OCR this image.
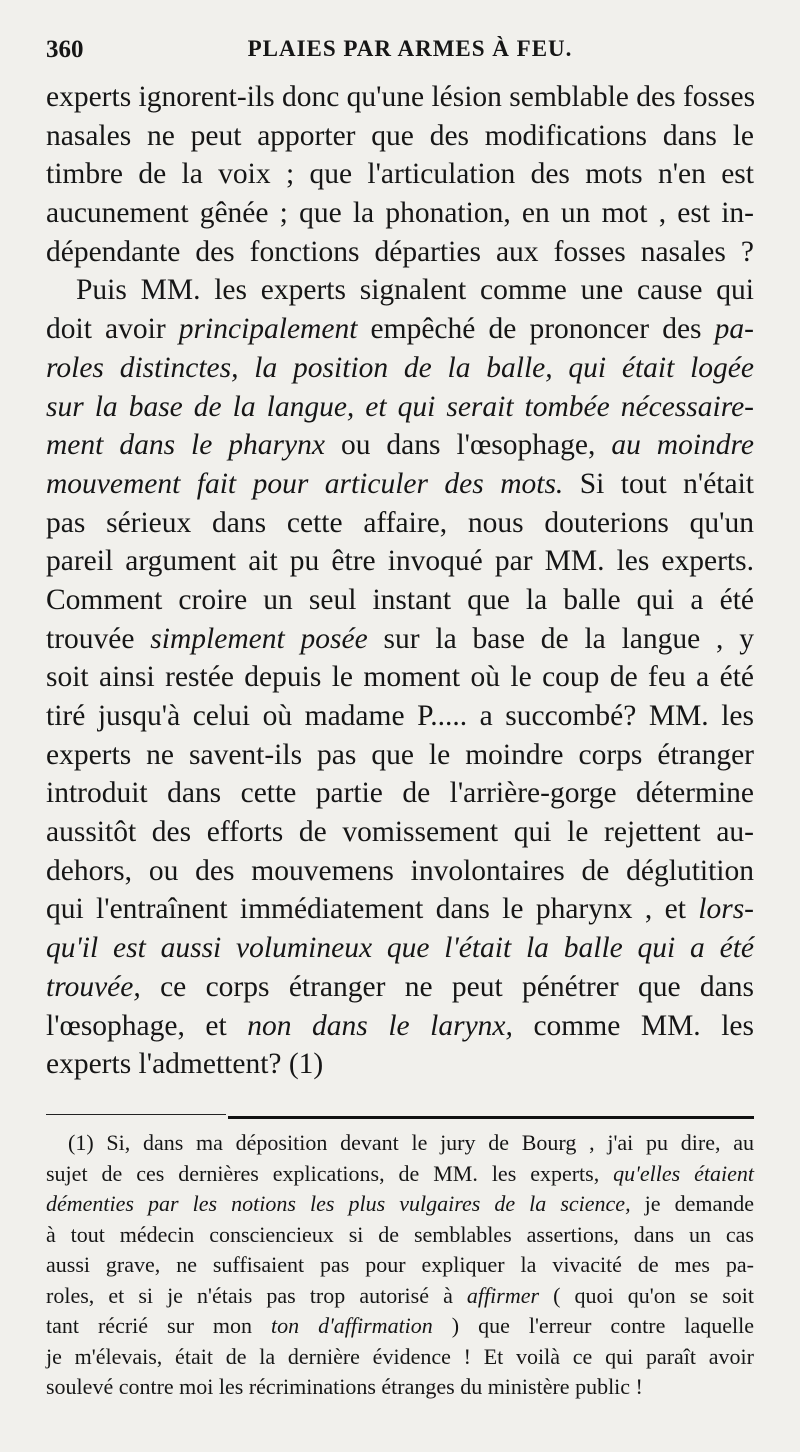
360	PLAIES PAR ARMES À FEU.
experts ignorent-ils donc qu'une lésion semblable des fosses
nasales ne peut apporter que des modifications dans le
timbre de la voix ; que l'articulation des mots n'en est
aucunement gênée ; que la phonation, en un mot , est in-
dépendante des fonctions départies aux fosses nasales ?
Puis MM. les experts signalent comme une cause qui
doit avoir principalement empêché de prononcer des pa-
roles distinctes, la position de la balle, qui était logée
sur la base de la langue, et qui serait tombée nécessaire-
ment dans le pharynx ou dans l'œsophage, au moindre
mouvement fait pour articuler des mots. Si tout n'était
pas sérieux dans cette affaire, nous douterions qu'un
pareil argument ait pu être invoqué par MM. les experts.
Comment croire un seul instant que la balle qui a été
trouvée simplement posée sur la base de la langue , y
soit ainsi restée depuis le moment où le coup de feu a été
tiré jusqu'à celui où madame P..... a succombé? MM. les
experts ne savent-ils pas que le moindre corps étranger
introduit dans cette partie de l'arrière-gorge détermine
aussitôt des efforts de vomissement qui le rejettent au-
dehors, ou des mouvemens involontaires de déglutition
qui l'entraînent immédiatement dans le pharynx , et lors-
qu'il est aussi volumineux que l'était la balle qui a été
trouvée, ce corps étranger ne peut pénétrer que dans
l'œsophage, et non dans le larynx, comme MM. les
experts l'admettent? (1)
(1) Si, dans ma déposition devant le jury de Bourg , j'ai pu dire, au
sujet de ces dernières explications, de MM. les experts, qu'elles étaient
démenties par les notions les plus vulgaires de la science, je demande
à tout médecin consciencieux si de semblables assertions, dans un cas
aussi grave, ne suffisaient pas pour expliquer la vivacité de mes pa-
roles, et si je n'étais pas trop autorisé à affirmer ( quoi qu'on se soit
tant récrié sur mon ton d'affirmation ) que l'erreur contre laquelle
je m'élevais, était de la dernière évidence ! Et voilà ce qui paraît avoir
soulevé contre moi les récriminations étranges du ministère public !
